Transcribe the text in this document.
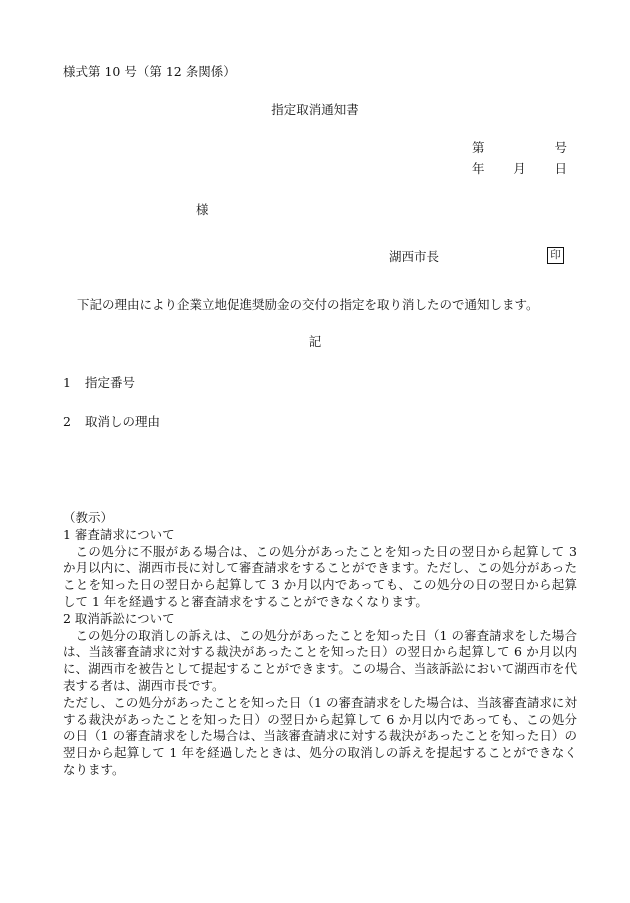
様式第 10 号（第 12 条関係）
指定取消通知書
第	号
年 月 日
様
湖西市長	印
下記の理由により企業立地促進奨励金の交付の指定を取り消したので通知します。
記
1 指定番号
2 取消しの理由

（教示）

1 審査請求について

この処分に不服がある場合は、この処分があったことを知った日の翌日から起算して 3 か月以内に、湖西市長に対して審査請求をすることができます。ただし、この処分があったことを知った日の翌日から起算して 3 か月以内であっても、この処分の日の翌日から起算して 1 年を経過すると審査請求をすることができなくなります。

2 取消訴訟について

この処分の取消しの訴えは、この処分があったことを知った日（1 の審査請求をした場合は、当該審査請求に対する裁決があったことを知った日）の翌日から起算して 6 か月以内に、湖西市を被告として提起することができます。この場合、当該訴訟において湖西市を代表する者は、湖西市長です。

ただし、この処分があったことを知った日（1 の審査請求をした場合は、当該審査請求に対する裁決があったことを知った日）の翌日から起算して 6 か月以内であっても、この処分の日（1 の審査請求をした場合は、当該審査請求に対する裁決があったことを知った日）の翌日から起算して 1 年を経過したときは、処分の取消しの訴えを提起することができなくなります。
